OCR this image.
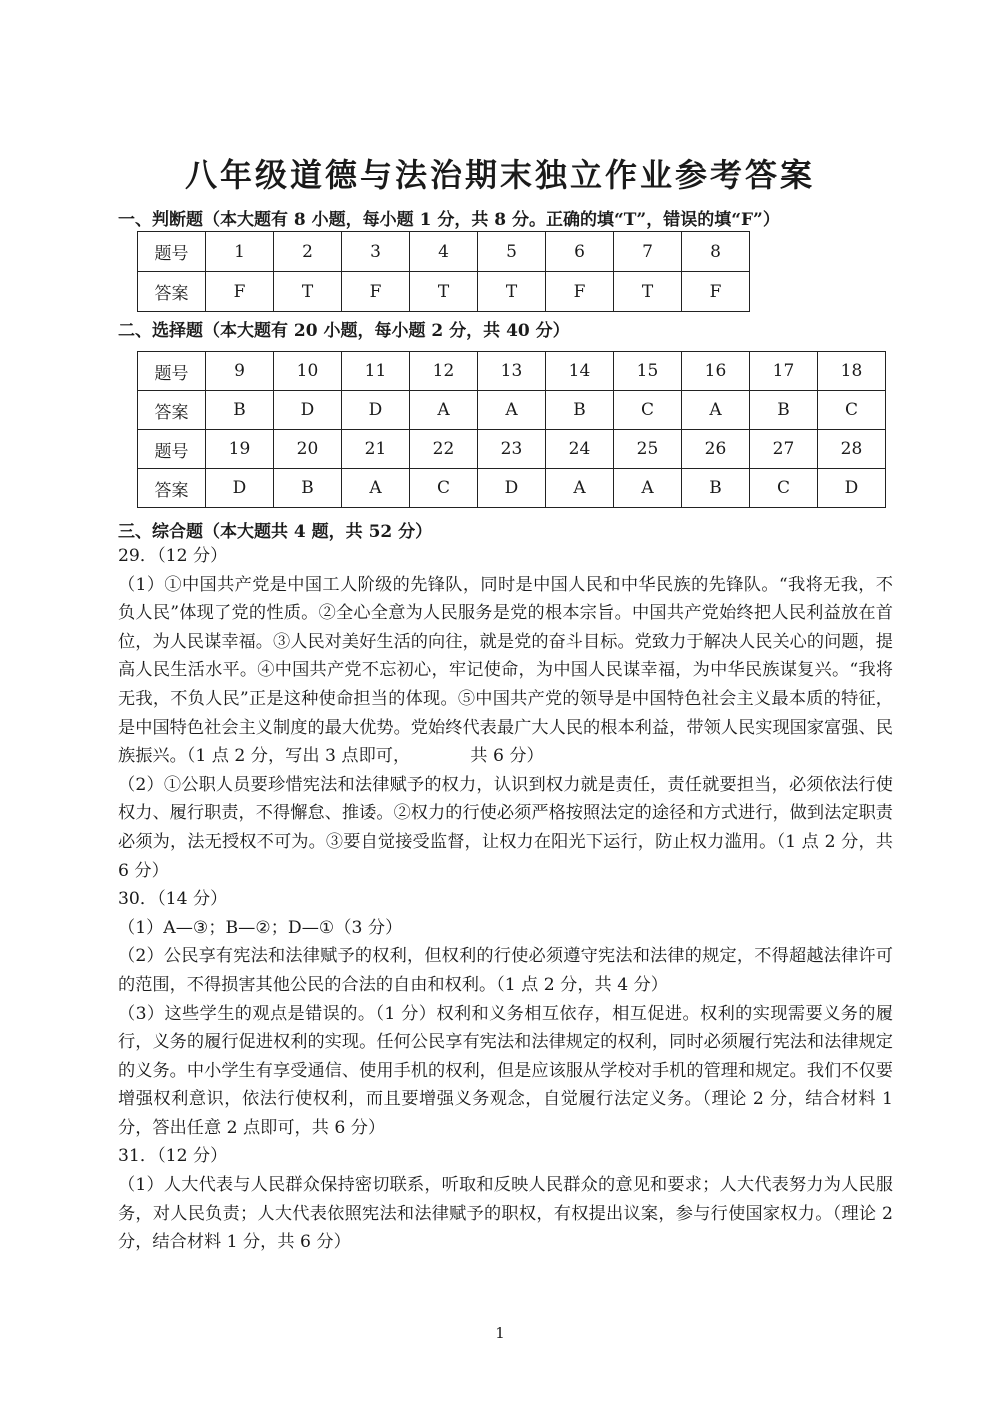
八年级道德与法治期末独立作业参考答案
一、判断题（本大题有 8 小题，每小题 1 分，共 8 分。正确的填“T”，错误的填“F”）
题号	1	2	3	4	5	6	7	8
答案	F	T	F	T	T	F	T	F
二、选择题（本大题有 20 小题，每小题 2 分，共 40 分）
题号	9	10	11	12	13	14	15	16	17	18
答案	B	D	D	A	A	B	C	A	B	C
题号	19	20	21	22	23	24	25	26	27	28
答案	D	B	A	C	D	A	A	B	C	D
三、综合题（本大题共 4 题，共 52 分）

29．（12 分）

（1）①中国共产党是中国工人阶级的先锋队，同时是中国人民和中华民族的先锋队。“我将无我，不负人民”体现了党的性质。②全心全意为人民服务是党的根本宗旨。中国共产党始终把人民利益放在首位，为人民谋幸福。③人民对美好生活的向往，就是党的奋斗目标。党致力于解决人民关心的问题，提高人民生活水平。④中国共产党不忘初心，牢记使命，为中国人民谋幸福，为中华民族谋复兴。“我将无我，不负人民”正是这种使命担当的体现。⑤中国共产党的领导是中国特色社会主义最本质的特征，是中国特色社会主义制度的最大优势。党始终代表最广大人民的根本利益，带领人民实现国家富强、民族振兴。（1 点 2 分，写出 3 点即可，　　　　共 6 分）

（2）①公职人员要珍惜宪法和法律赋予的权力，认识到权力就是责任，责任就要担当，必须依法行使权力、履行职责，不得懈怠、推诿。②权力的行使必须严格按照法定的途径和方式进行，做到法定职责必须为，法无授权不可为。③要自觉接受监督，让权力在阳光下运行，防止权力滥用。（1 点 2 分，共 6 分）

30．（14 分）

（1）A—③；B—②；D—①（3 分）

（2）公民享有宪法和法律赋予的权利，但权利的行使必须遵守宪法和法律的规定，不得超越法律许可的范围，不得损害其他公民的合法的自由和权利。（1 点 2 分，共 4 分）

（3）这些学生的观点是错误的。（1 分）权利和义务相互依存，相互促进。权利的实现需要义务的履行，义务的履行促进权利的实现。任何公民享有宪法和法律规定的权利，同时必须履行宪法和法律规定的义务。中小学生有享受通信、使用手机的权利，但是应该服从学校对手机的管理和规定。我们不仅要增强权利意识，依法行使权利，而且要增强义务观念，自觉履行法定义务。（理论 2 分，结合材料 1 分，答出任意 2 点即可，共 6 分）

31．（12 分）

（1）人大代表与人民群众保持密切联系，听取和反映人民群众的意见和要求；人大代表努力为人民服务，对人民负责；人大代表依照宪法和法律赋予的职权，有权提出议案，参与行使国家权力。（理论 2 分，结合材料 1 分，共 6 分）

1
